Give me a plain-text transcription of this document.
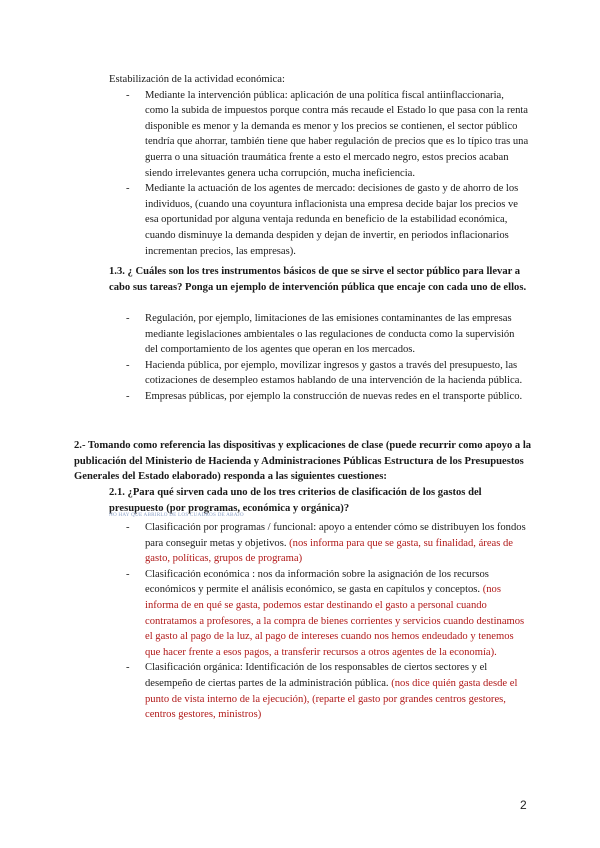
Estabilización de la actividad económica:
- Mediante la intervención pública: aplicación de una política fiscal antiinflaccionaria, como la subida de impuestos porque contra más recaude el Estado lo que pasa con la renta disponible es menor y la demanda es menor y los precios se contienen, el sector público tendría que ahorrar, también tiene que haber regulación de precios que es lo típico tras una guerra o una situación traumática frente a esto el mercado negro, estos precios acaban siendo irrelevantes genera ucha corrupción, mucha ineficiencia.
- Mediante la actuación de los agentes de mercado: decisiones de gasto y de ahorro de los individuos, (cuando una coyuntura inflacionista una empresa decide bajar los precios ve esa oportunidad por alguna ventaja redunda en beneficio de la estabilidad económica, cuando disminuye la demanda despiden y dejan de invertir, en periodos inflacionarios incrementan precios, las empresas).
1.3. ¿ Cuáles son los tres instrumentos básicos de que se sirve el sector público para llevar a cabo sus tareas? Ponga un ejemplo de intervención pública que encaje con cada uno de ellos.
- Regulación, por ejemplo, limitaciones de las emisiones contaminantes de las empresas mediante legislaciones ambientales o las regulaciones de conducta como la supervisión del comportamiento de los agentes que operan en los mercados.
- Hacienda pública, por ejemplo, movilizar ingresos y gastos a través del presupuesto, las cotizaciones de desempleo estamos hablando de una intervención de la hacienda pública.
- Empresas públicas, por ejemplo la construcción de nuevas redes en el transporte público.
2.- Tomando como referencia las dispositivas y explicaciones de clase (puede recurrir como apoyo a la publicación del Ministerio de Hacienda y Administraciones Públicas Estructura de los Presupuestos Generales del Estado elaborado) responda a las siguientes cuestiones:
2.1. ¿Para qué sirven cada uno de los tres criterios de clasificación de los gastos del presupuesto (por programas, económica y orgánica)?
NO HAY QUE ABRIRLO DE LOS CUADROS DE ABAJO
- Clasificación por programas / funcional: apoyo a entender cómo se distribuyen los fondos para conseguir metas y objetivos. (nos informa para que se gasta, su finalidad, áreas de gasto, políticas, grupos de programa)
- Clasificación económica : nos da información sobre la asignación de los recursos económicos y permite el análisis económico, se gasta en capítulos y conceptos. (nos informa de en qué se gasta, podemos estar destinando el gasto a personal cuando contratamos a profesores, a la compra de bienes corrientes y servicios cuando destinamos el gasto al pago de la luz, al pago de intereses cuando nos hemos endeudado y tenemos que hacer frente a esos pagos, a transferir recursos a otros agentes de la economía).
- Clasificación orgánica: Identificación de los responsables de ciertos sectores y el desempeño de ciertas partes de la administración pública. (nos dice quién gasta desde el punto de vista interno de la ejecución), (reparte el gasto por grandes centros gestores, centros gestores, ministros)
2
